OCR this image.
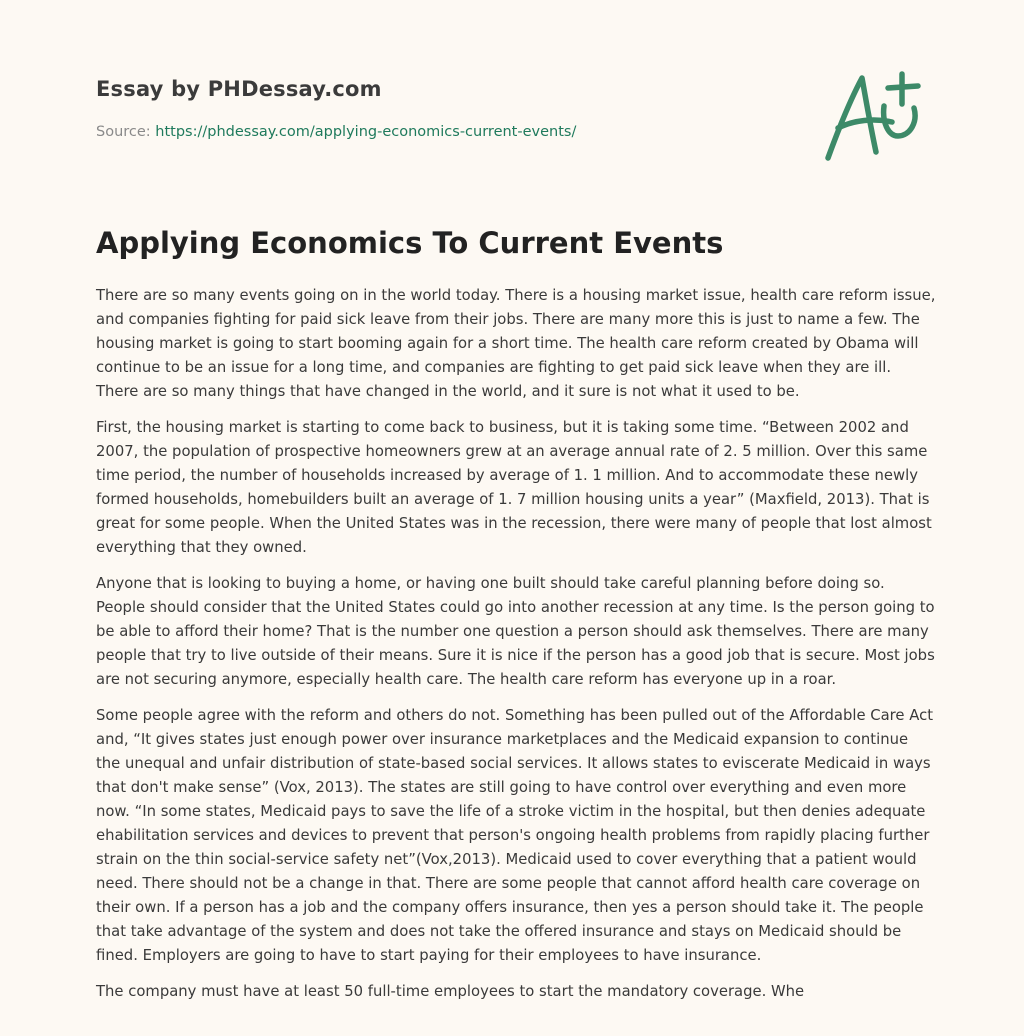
Essay by PHDessay.com
Source: https://phdessay.com/applying-economics-current-events/
Applying Economics To Current Events

There are so many events going on in the world today. There is a housing market issue, health care reform issue, and companies fighting for paid sick leave from their jobs. There are many more this is just to name a few. The housing market is going to start booming again for a short time. The health care reform created by Obama will continue to be an issue for a long time, and companies are fighting to get paid sick leave when they are ill. There are so many things that have changed in the world, and it sure is not what it used to be.

First, the housing market is starting to come back to business, but it is taking some time. “Between 2002 and 2007, the population of prospective homeowners grew at an average annual rate of 2. 5 million. Over this same time period, the number of households increased by average of 1. 1 million. And to accommodate these newly formed households, homebuilders built an average of 1. 7 million housing units a year” (Maxfield, 2013). That is great for some people. When the United States was in the recession, there were many of people that lost almost everything that they owned.

Anyone that is looking to buying a home, or having one built should take careful planning before doing so. People should consider that the United States could go into another recession at any time. Is the person going to be able to afford their home? That is the number one question a person should ask themselves. There are many people that try to live outside of their means. Sure it is nice if the person has a good job that is secure. Most jobs are not securing anymore, especially health care. The health care reform has everyone up in a roar.

Some people agree with the reform and others do not. Something has been pulled out of the Affordable Care Act and, “It gives states just enough power over insurance marketplaces and the Medicaid expansion to continue the unequal and unfair distribution of state-based social services. It allows states to eviscerate Medicaid in ways that don't make sense” (Vox, 2013). The states are still going to have control over everything and even more now. “In some states, Medicaid pays to save the life of a stroke victim in the hospital, but then denies adequate ehabilitation services and devices to prevent that person's ongoing health problems from rapidly placing further strain on the thin social-service safety net”(Vox,2013). Medicaid used to cover everything that a patient would need. There should not be a change in that. There are some people that cannot afford health care coverage on their own. If a person has a job and the company offers insurance, then yes a person should take it. The people that take advantage of the system and does not take the offered insurance and stays on Medicaid should be fined. Employers are going to have to start paying for their employees to have insurance.

The company must have at least 50 full-time employees to start the mandatory coverage. Whe
